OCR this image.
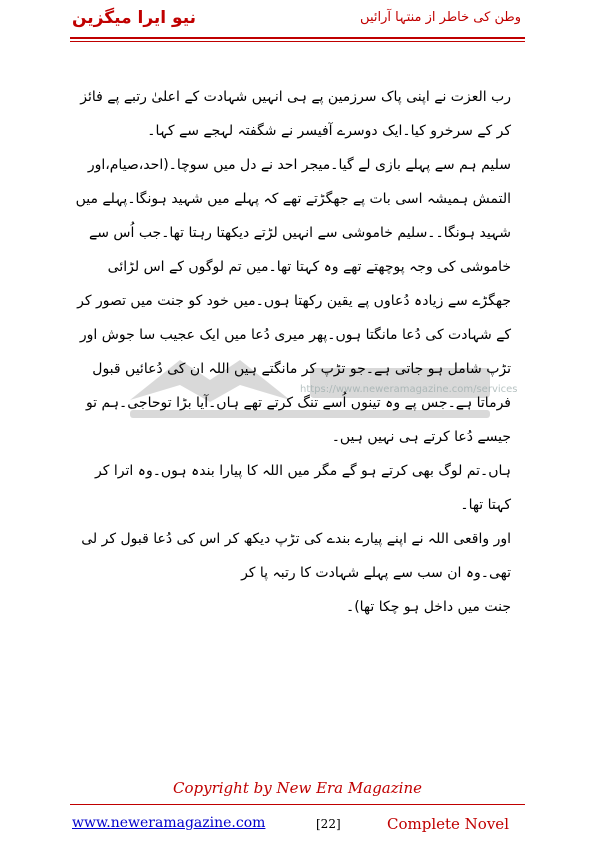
نیو ایرا میگزین	وطن کی خاطر از منتہا آرائیں
https://www.neweramagazine.com/services

رب العزت نے اپنی پاک سرزمین پے ہی انہیں شہادت کے اعلیٰ رتبے پے فائز کر کے سرخرو کیا۔ایک دوسرے آفیسر نے شگفتہ لہجے سے کہا۔

سلیم ہم سے پہلے بازی لے گیا۔میجر احد نے دل میں سوچا۔(احد،صیام،اور التمش ہمیشہ اسی بات پے جھگڑتے تھے کہ پہلے میں شہید ہونگا۔پہلے میں شہید ہونگا۔۔سلیم خاموشی سے انہیں لڑتے دیکھتا رہتا تھا۔جب اُس سے خاموشی کی وجہ پوچھتے تھے وہ کہتا تھا۔میں تم لوگوں کے اس لڑائی جھگڑے سے زیادہ دُعاوں پے یقین رکھتا ہوں۔میں خود کو جنت میں تصور کر کے شہادت کی دُعا مانگتا ہوں۔پھر میری دُعا میں ایک عجیب سا جوش اور تڑپ شامل ہو جاتی ہے۔جو تڑپ کر مانگتے ہیں اللہ ان کی دُعائیں قبول فرماتا ہے۔جس پے وہ تینوں اُسے تنگ کرتے تھے ہاں۔آیا بڑا توحاجی۔ہم تو جیسے دُعا کرتے ہی نہیں ہیں۔

ہاں۔تم لوگ بھی کرتے ہو گے مگر میں اللہ کا پیارا بندہ ہوں۔وہ اترا کر کہتا تھا۔

اور واقعی اللہ نے اپنے پیارے بندے کی تڑپ دیکھ کر اس کی دُعا قبول کر لی تھی۔وہ ان سب سے پہلے شہادت کا رتبہ پا کر

جنت میں داخل ہو چکا تھا)۔

Copyright by New Era Magazine
www.neweramagazine.com	[22]	Complete Novel
